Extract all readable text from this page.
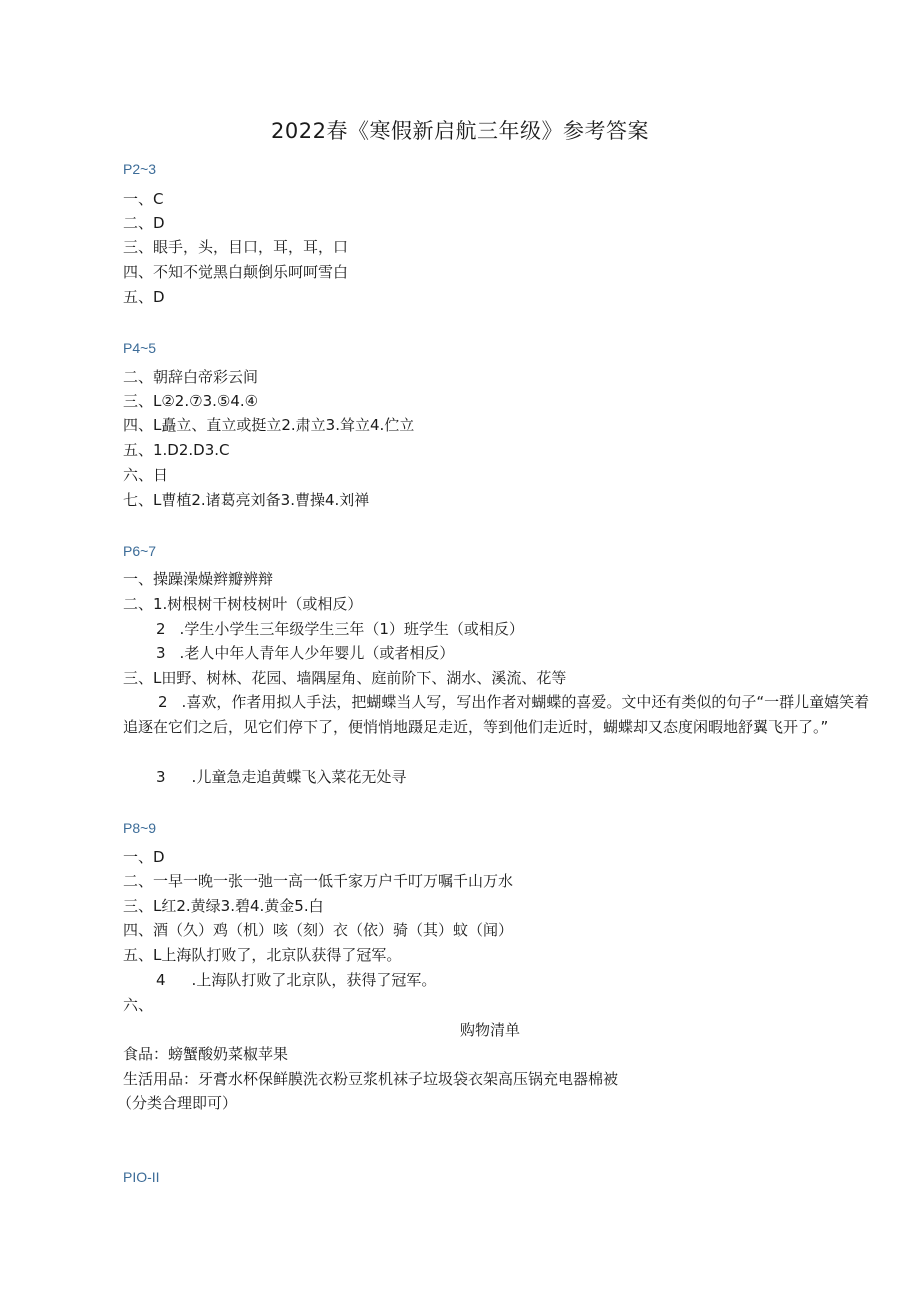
2022春《寒假新启航三年级》参考答案
P2~3
一、C
二、D
三、眼手，头，目口，耳，耳，口
四、不知不觉黑白颠倒乐呵呵雪白
五、D
P4~5
二、朝辞白帝彩云间
三、L②2.⑦3.⑤4.④
四、L矗立、直立或挺立2.肃立3.耸立4.伫立
五、1.D2.D3.C
六、日
七、L曹植2.诸葛亮刘备3.曹操4.刘禅
P6~7
一、操躁澡燥辫瓣辨辩
二、1.树根树干树枝树叶（或相反）
2 .学生小学生三年级学生三年（1）班学生（或相反）
3 .老人中年人青年人少年婴儿（或者相反）
三、L田野、树林、花园、墙隅屋角、庭前阶下、湖水、溪流、花等
2 .喜欢，作者用拟人手法，把蝴蝶当人写，写出作者对蝴蝶的喜爱。文中还有类似的句子“一群儿童嬉笑着追逐在它们之后，见它们停下了，便悄悄地蹑足走近，等到他们走近时，蝴蝶却又态度闲暇地舒翼飞开了。”
3 .儿童急走追黄蝶飞入菜花无处寻
P8~9
一、D
二、一早一晚一张一弛一高一低千家万户千叮万嘱千山万水
三、L红2.黄绿3.碧4.黄金5.白
四、酒（久）鸡（机）咳（刻）衣（依）骑（其）蚊（闻）
五、L上海队打败了，北京队获得了冠军。
4 .上海队打败了北京队，获得了冠军。
六、
购物清单
食品：螃蟹酸奶菜椒苹果
生活用品：牙膏水杯保鲜膜洗衣粉豆浆机袜子垃圾袋衣架高压锅充电器棉被
（分类合理即可）
PIO-II
